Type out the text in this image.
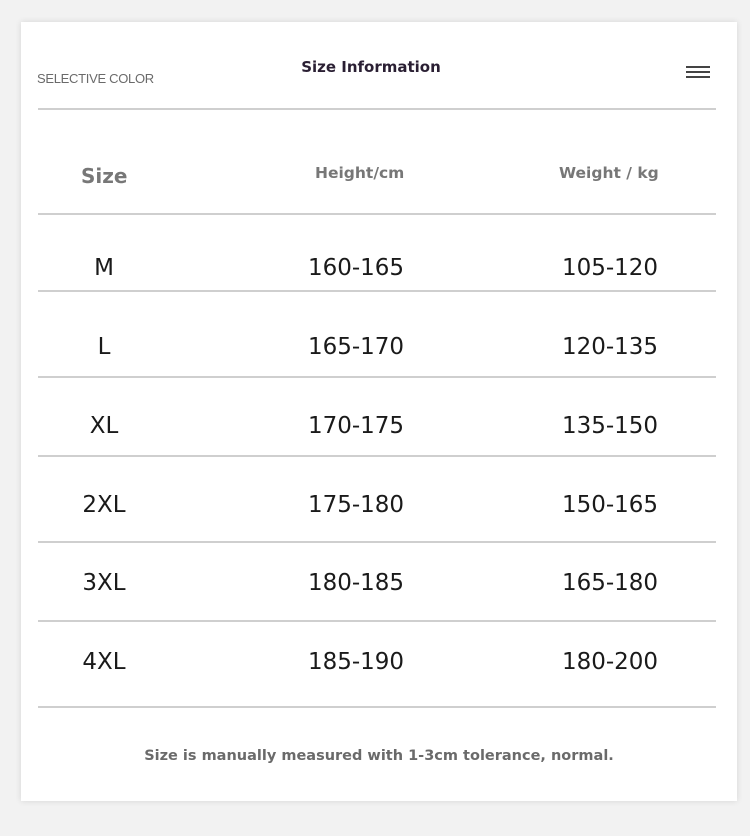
SELECTIVE COLOR
Size Information
Size	Height/cm	Weight / kg
M	160-165	105-120
L	165-170	120-135
XL	170-175	135-150
2XL	175-180	150-165
3XL	180-185	165-180
4XL	185-190	180-200
Size is manually measured with 1-3cm tolerance, normal.
